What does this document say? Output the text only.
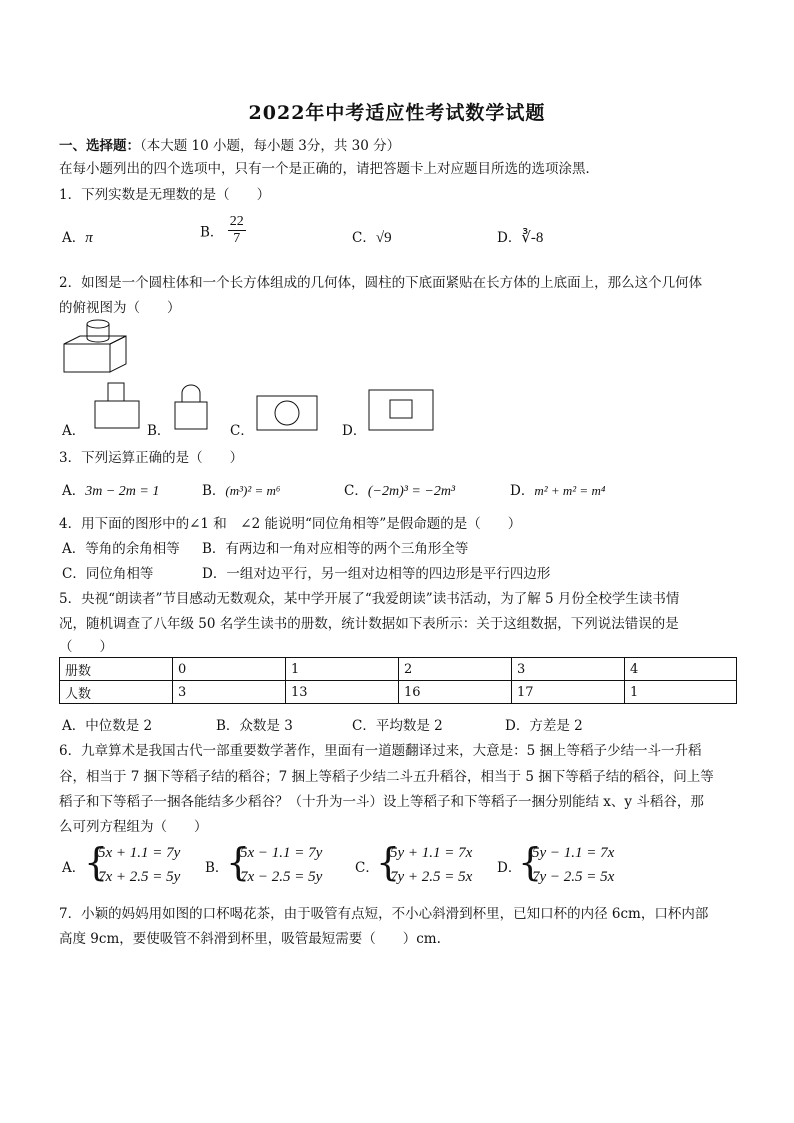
2022年中考适应性考试数学试题
一、选择题：（本大题 10 小题，每小题 3分，共 30 分）
在每小题列出的四个选项中，只有一个是正确的，请把答题卡上对应题目所选的选项涂黑．
1．下列实数是无理数的是（　　）
A．π	B． $\frac{22}{7}$	C．√9	D．∛-8
2．如图是一个圆柱体和一个长方体组成的几何体，圆柱的下底面紧贴在长方体的上底面上，那么这个几何体
的俯视图为（　　）
A．	B．	C．	D．
3．下列运算正确的是（　　）
A．3m − 2m = 1	B．(m³)² = m⁶	C．(−2m)³ = −2m³	D．m² + m² = m⁴
4．用下面的图形中的∠1 和　∠2 能说明“同位角相等”是假命题的是（　　）
A．等角的余角相等 B．有两边和一角对应相等的两个三角形全等
C．同位角相等	D．一组对边平行，另一组对边相等的四边形是平行四边形
5．央视“朗读者”节目感动无数观众，某中学开展了“我爱朗读”读书活动，为了解 5 月份全校学生读书情
况，随机调查了八年级 50 名学生读书的册数，统计数据如下表所示：关于这组数据，下列说法错误的是
（　　）
册数	0	1	2	3	4
人数	3	13	16	17	1
A．中位数是 2	B．众数是 3	C．平均数是 2	D．方差是 2
6．九章算术是我国古代一部重要数学著作，里面有一道题翻译过来，大意是：5 捆上等稻子少结一斗一升稻
谷，相当于 7 捆下等稻子结的稻谷；7 捆上等稻子少结二斗五升稻谷，相当于 5 捆下等稻子结的稻谷，问上等
稻子和下等稻子一捆各能结多少稻谷？（十升为一斗）设上等稻子和下等稻子一捆分别能结 x、y 斗稻谷，那
么可列方程组为（　　）
A．
{
5x + 1.1 = 7y
7x + 2.5 = 5y
B．
{
5x − 1.1 = 7y
7x − 2.5 = 5y
C．
{
5y + 1.1 = 7x
7y + 2.5 = 5x
D．
{
5y − 1.1 = 7x
7y − 2.5 = 5x
7．小颖的妈妈用如图的口杯喝花茶，由于吸管有点短，不小心斜滑到杯里，已知口杯的内径 6cm，口杯内部
高度 9cm，要使吸管不斜滑到杯里，吸管最短需要（　　）cm.
